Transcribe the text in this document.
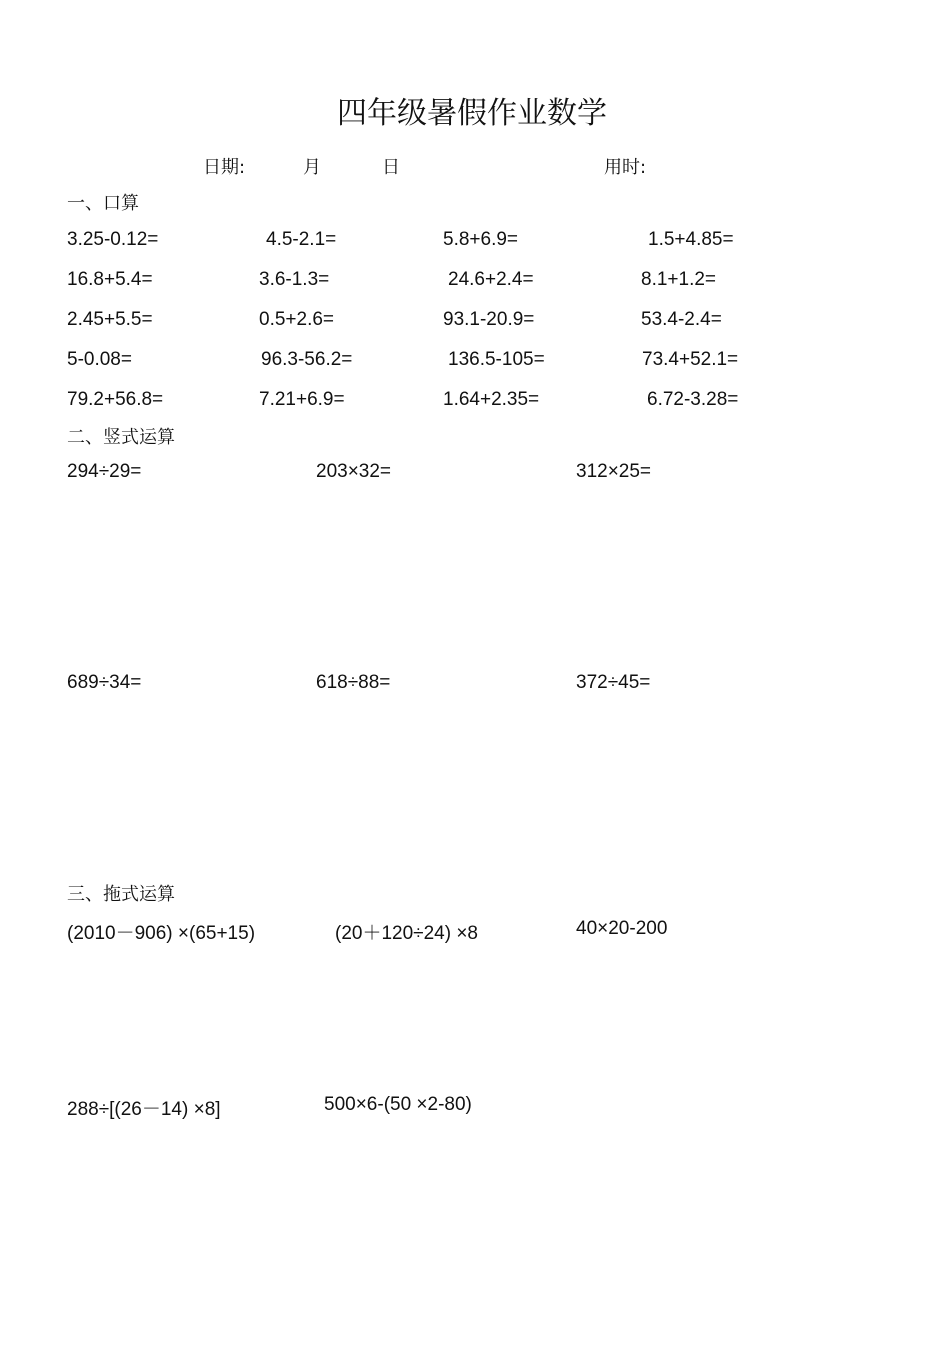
四年级暑假作业数学
日期:	月	日	用时:
一、口算
3.25-0.12=	4.5-2.1=	5.8+6.9=	1.5+4.85=
16.8+5.4=	3.6-1.3=	24.6+2.4=	8.1+1.2=
2.45+5.5=	0.5+2.6=	93.1-20.9=	53.4-2.4=
5-0.08=	96.3-56.2=	136.5-105=	73.4+52.1=
79.2+56.8=	7.21+6.9=	1.64+2.35=	6.72-3.28=
二、竖式运算
294÷29=	203×32=	312×25=
689÷34=	618÷88=	372÷45=
三、拖式运算
(2010－906) ×(65+15)	(20＋120÷24) ×8	40×20-200
288÷[(26－14) ×8]	500×6-(50 ×2-80)
